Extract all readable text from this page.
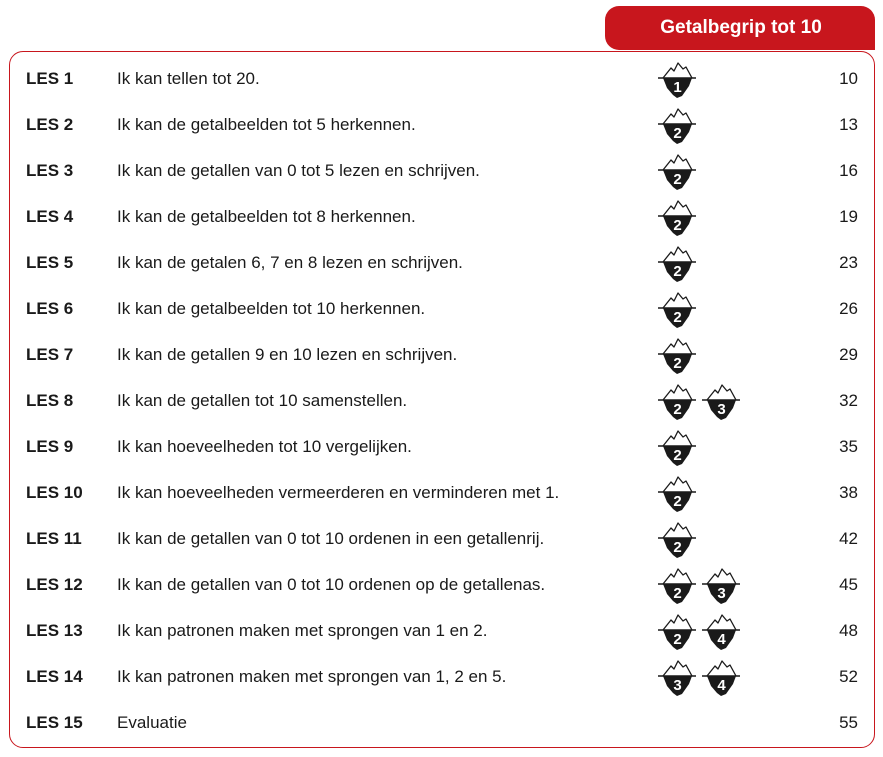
Getalbegrip tot 10
LES 1	Ik kan tellen tot 20.	1	10
LES 2	Ik kan de getalbeelden tot 5 herkennen.	2	13
LES 3	Ik kan de getallen van 0 tot 5 lezen en schrijven.	2	16
LES 4	Ik kan de getalbeelden tot 8 herkennen.	2	19
LES 5	Ik kan de getalen 6, 7 en 8 lezen en schrijven.	2	23
LES 6	Ik kan de getalbeelden tot 10 herkennen.	2	26
LES 7	Ik kan de getallen 9 en 10 lezen en schrijven.	2	29
LES 8	Ik kan de getallen tot 10 samenstellen.	2 3	32
LES 9	Ik kan hoeveelheden tot 10 vergelijken.	2	35
LES 10 Ik kan hoeveelheden vermeerderen en verminderen met 1.	2	38
LES 11 Ik kan de getallen van 0 tot 10 ordenen in een getallenrij.	2	42
LES 12 Ik kan de getallen van 0 tot 10 ordenen op de getallenas.	2 3	45
LES 13 Ik kan patronen maken met sprongen van 1 en 2.	2 4	48
LES 14 Ik kan patronen maken met sprongen van 1, 2 en 5.	3 4	52
LES 15 Evaluatie	55
